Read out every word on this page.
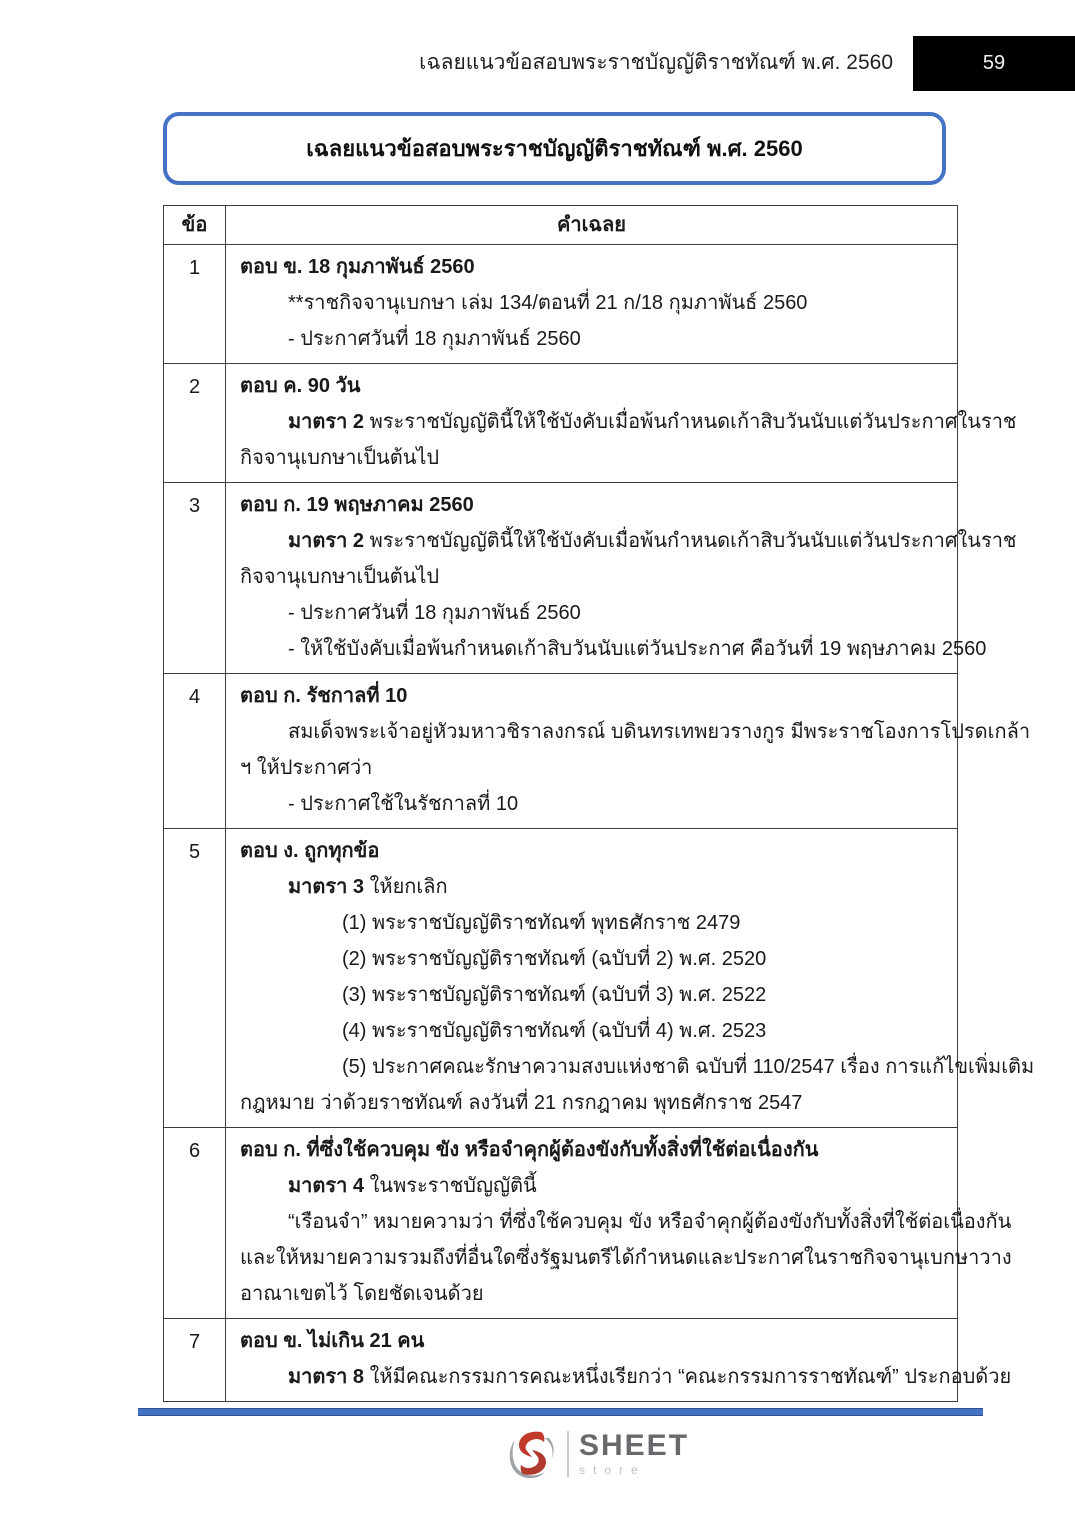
เฉลยแนวข้อสอบพระราชบัญญัติราชทัณฑ์ พ.ศ. 2560	59
เฉลยแนวข้อสอบพระราชบัญญัติราชทัณฑ์ พ.ศ. 2560
ข้อ	คำเฉลย
1	ตอบ ข. 18 กุมภาพันธ์ 2560
**ราชกิจจานุเบกษา เล่ม 134/ตอนที่ 21 ก/18 กุมภาพันธ์ 2560
- ประกาศวันที่ 18 กุมภาพันธ์ 2560

2	ตอบ ค. 90 วัน
มาตรา 2 พระราชบัญญัตินี้ให้ใช้บังคับเมื่อพ้นกำหนดเก้าสิบวันนับแต่วันประกาศในราช
กิจจานุเบกษาเป็นต้นไป

3	ตอบ ก. 19 พฤษภาคม 2560
มาตรา 2 พระราชบัญญัตินี้ให้ใช้บังคับเมื่อพ้นกำหนดเก้าสิบวันนับแต่วันประกาศในราช
กิจจานุเบกษาเป็นต้นไป
- ประกาศวันที่ 18 กุมภาพันธ์ 2560
- ให้ใช้บังคับเมื่อพ้นกำหนดเก้าสิบวันนับแต่วันประกาศ คือวันที่ 19 พฤษภาคม 2560

4	ตอบ ก. รัชกาลที่ 10
สมเด็จพระเจ้าอยู่หัวมหาวชิราลงกรณ์ บดินทรเทพยวรางกูร มีพระราชโองการโปรดเกล้า
ฯ ให้ประกาศว่า
- ประกาศใช้ในรัชกาลที่ 10

5	ตอบ ง. ถูกทุกข้อ
มาตรา 3 ให้ยกเลิก
(1) พระราชบัญญัติราชทัณฑ์ พุทธศักราช 2479
(2) พระราชบัญญัติราชทัณฑ์ (ฉบับที่ 2) พ.ศ. 2520
(3) พระราชบัญญัติราชทัณฑ์ (ฉบับที่ 3) พ.ศ. 2522
(4) พระราชบัญญัติราชทัณฑ์ (ฉบับที่ 4) พ.ศ. 2523
(5) ประกาศคณะรักษาความสงบแห่งชาติ ฉบับที่ 110/2547 เรื่อง การแก้ไขเพิ่มเติม
กฎหมาย ว่าด้วยราชทัณฑ์ ลงวันที่ 21 กรกฎาคม พุทธศักราช 2547

6	ตอบ ก. ที่ซึ่งใช้ควบคุม ขัง หรือจำคุกผู้ต้องขังกับทั้งสิ่งที่ใช้ต่อเนื่องกัน
มาตรา 4 ในพระราชบัญญัตินี้
“เรือนจำ” หมายความว่า ที่ซึ่งใช้ควบคุม ขัง หรือจำคุกผู้ต้องขังกับทั้งสิ่งที่ใช้ต่อเนื่องกัน
และให้หมายความรวมถึงที่อื่นใดซึ่งรัฐมนตรีได้กำหนดและประกาศในราชกิจจานุเบกษาวาง
อาณาเขตไว้ โดยชัดเจนด้วย

7	ตอบ ข. ไม่เกิน 21 คน
มาตรา 8 ให้มีคณะกรรมการคณะหนึ่งเรียกว่า “คณะกรรมการราชทัณฑ์” ประกอบด้วย
SHEET
store
